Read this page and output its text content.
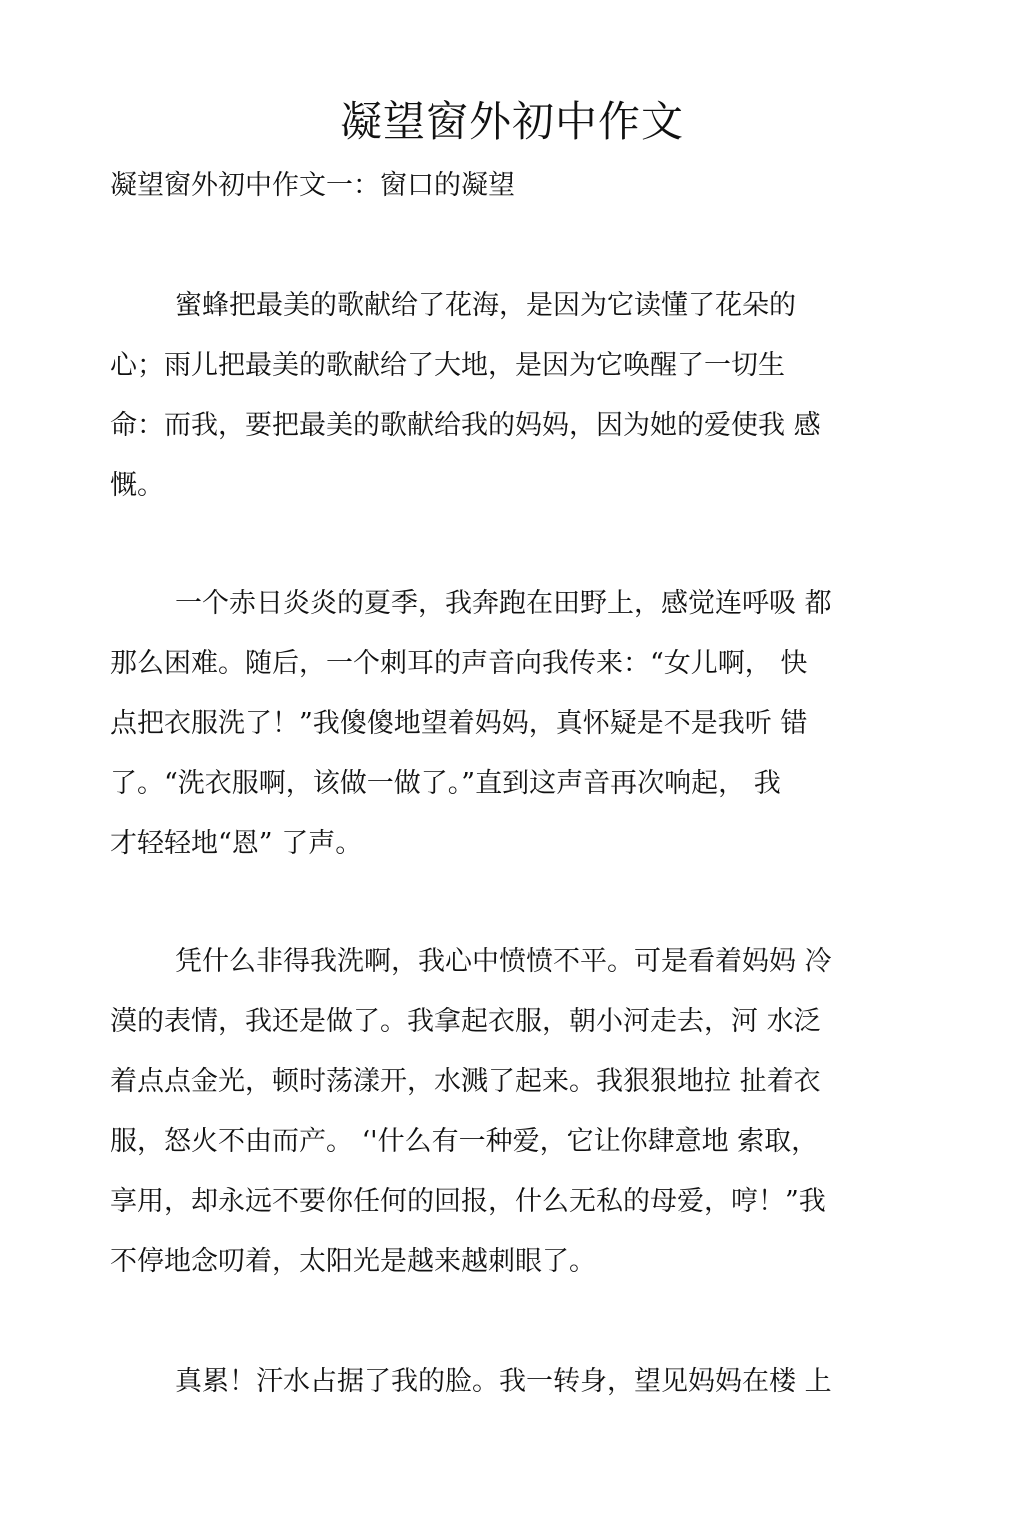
凝望窗外初中作文

凝望窗外初中作文一：窗口的凝望

蜜蜂把最美的歌献给了花海，是因为它读懂了花朵的
心；雨儿把最美的歌献给了大地，是因为它唤醒了一切生
命：而我，要把最美的歌献给我的妈妈，因为她的爱使我 感
慨。
一个赤日炎炎的夏季，我奔跑在田野上，感觉连呼吸 都
那么困难。随后，一个刺耳的声音向我传来：“女儿啊， 快
点把衣服洗了！”我傻傻地望着妈妈，真怀疑是不是我听 错
了。“洗衣服啊，该做一做了。”直到这声音再次响起， 我
才轻轻地“恩” 了声。
凭什么非得我洗啊，我心中愤愤不平。可是看着妈妈 冷
漠的表情，我还是做了。我拿起衣服，朝小河走去，河 水泛
着点点金光，顿时荡漾开，水溅了起来。我狠狠地拉 扯着衣
服，怒火不由而产。 ‘'什么有一种爱，它让你肆意地 索取，
享用，却永远不要你任何的回报，什么无私的母爱，哼！”我
不停地念叨着，太阳光是越来越刺眼了。
真累！汗水占据了我的脸。我一转身，望见妈妈在楼 上
